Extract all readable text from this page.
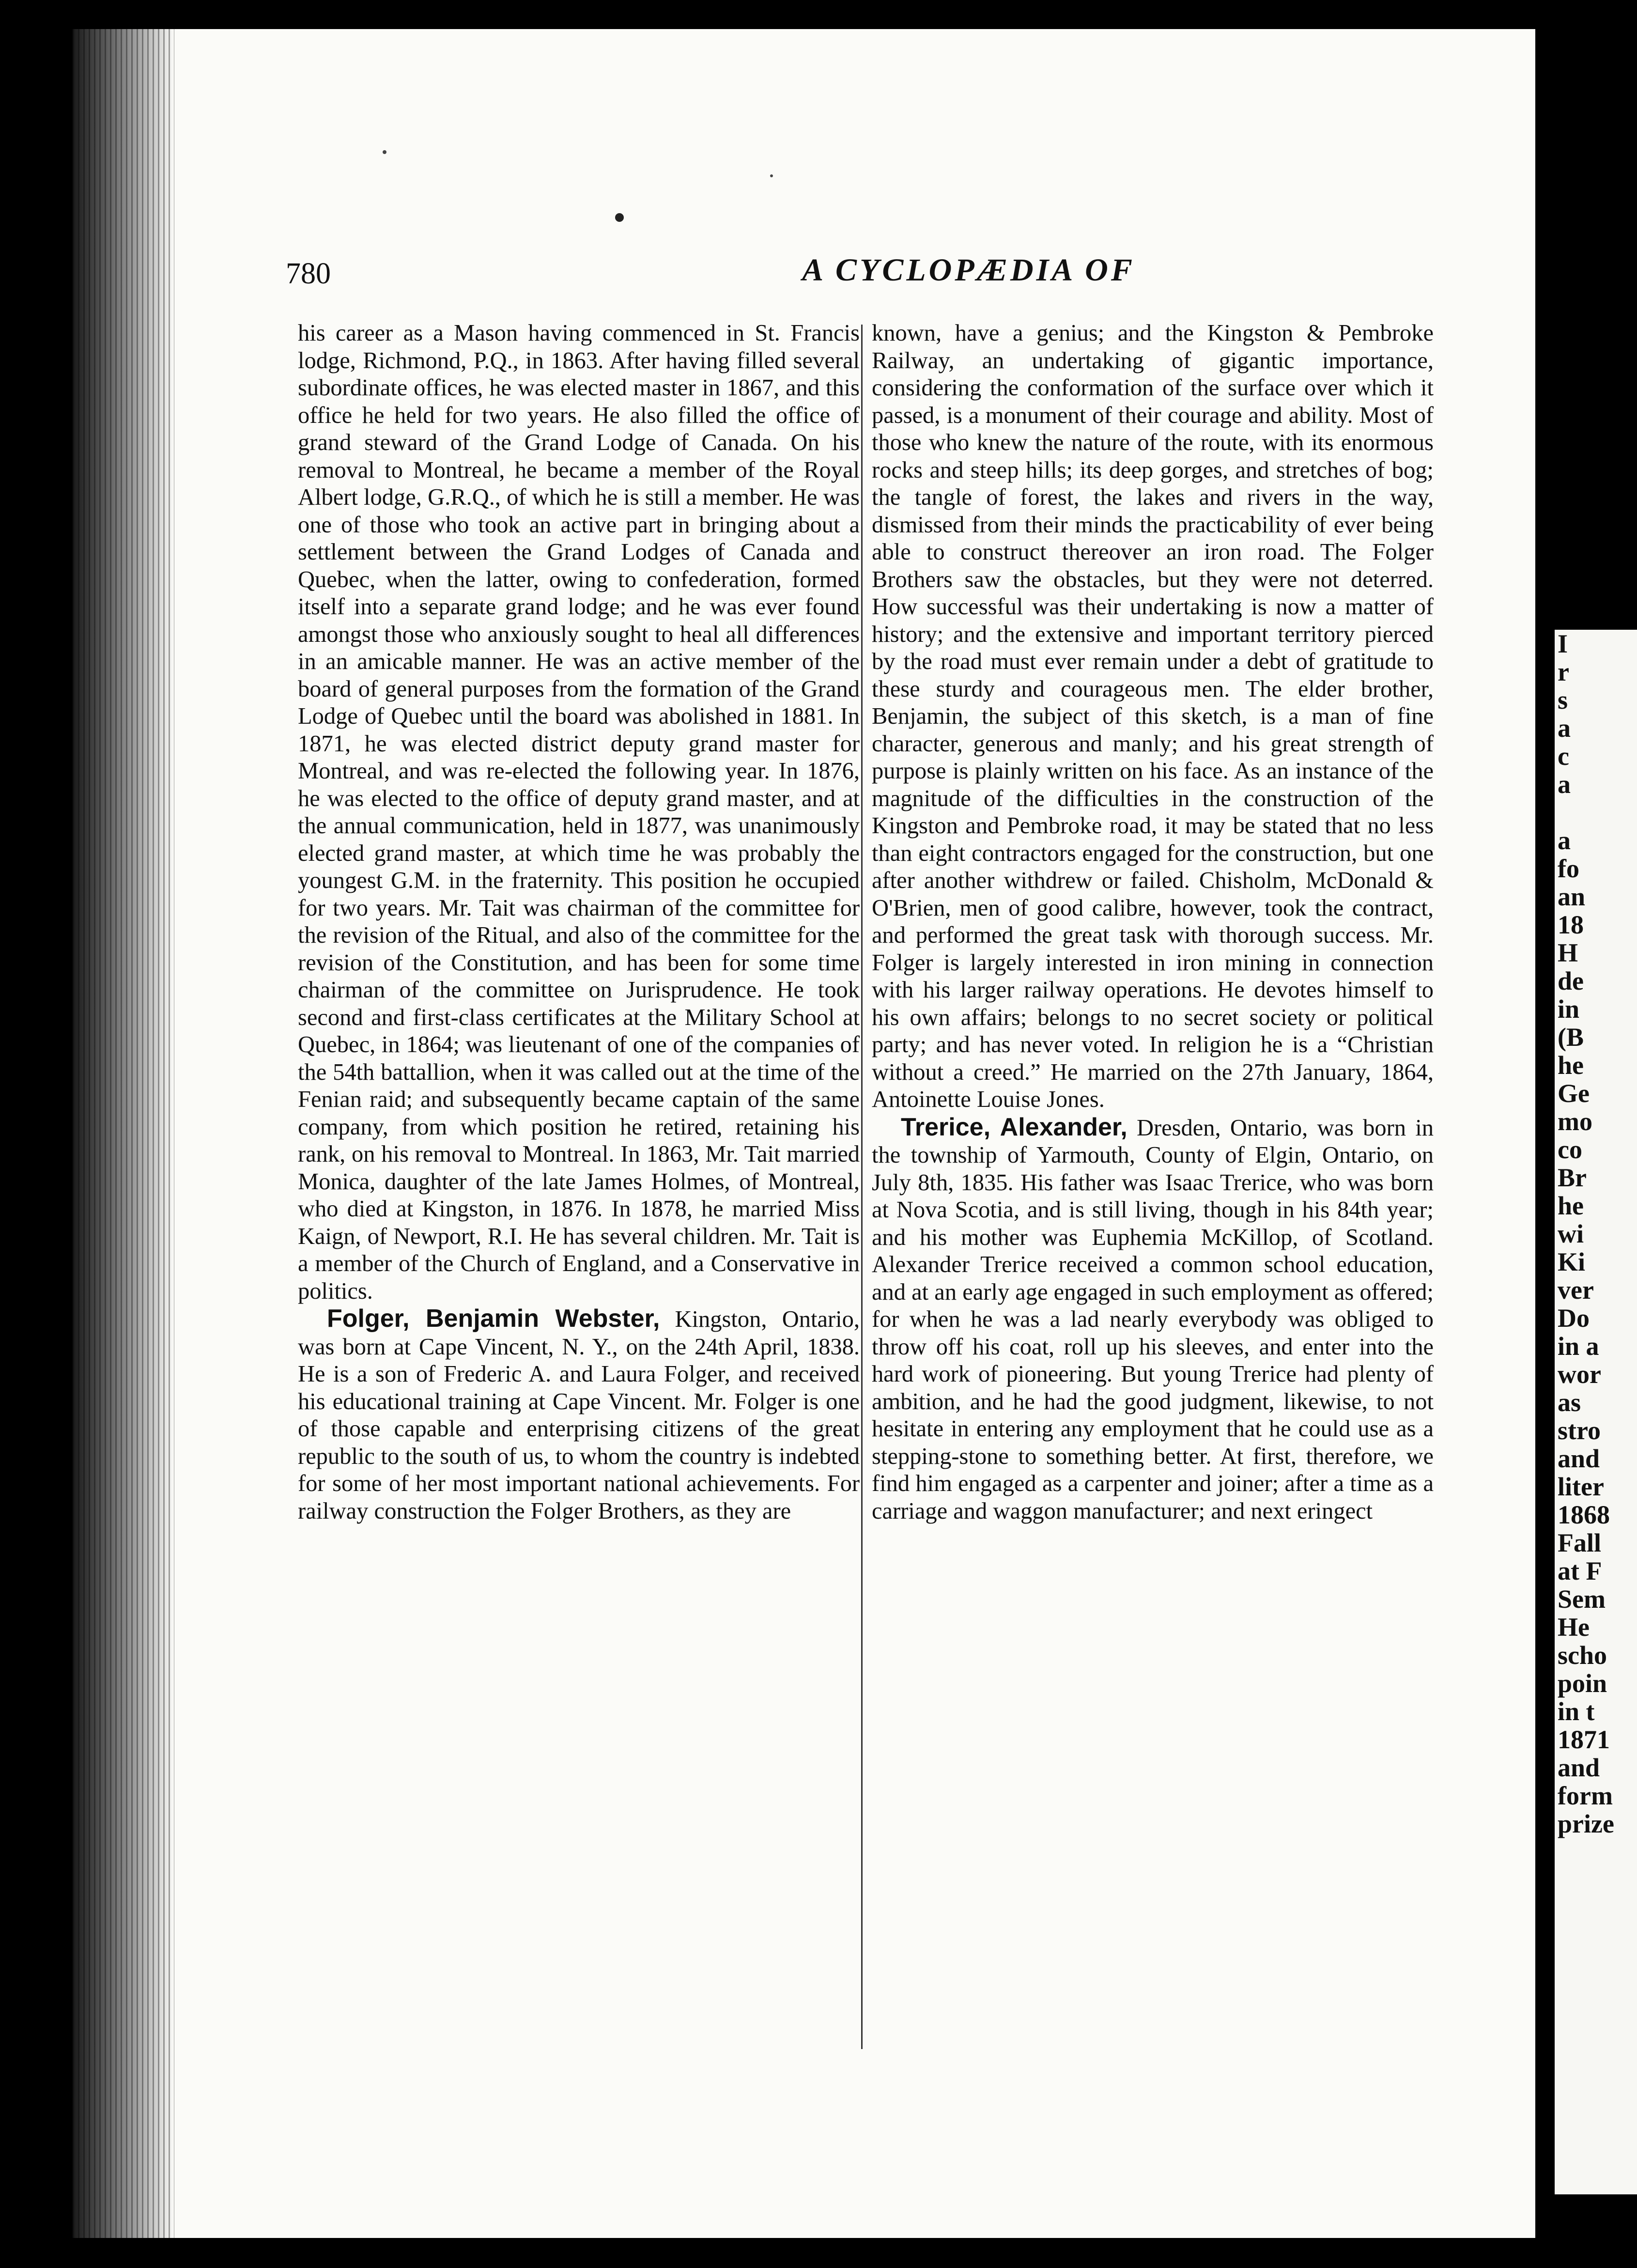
780	A CYCLOPÆDIA OF

his career as a Mason having commenced in St. Francis lodge, Richmond, P.Q., in 1863. After having filled several subordinate offices, he was elected master in 1867, and this office he held for two years. He also filled the office of grand steward of the Grand Lodge of Canada. On his removal to Montreal, he became a member of the Royal Albert lodge, G.R.Q., of which he is still a member. He was one of those who took an active part in bringing about a settlement between the Grand Lodges of Canada and Quebec, when the latter, owing to confederation, formed itself into a separate grand lodge; and he was ever found amongst those who anxiously sought to heal all differences in an amicable manner. He was an active member of the board of general purposes from the formation of the Grand Lodge of Quebec until the board was abolished in 1881. In 1871, he was elected district deputy grand master for Montreal, and was re-elected the following year. In 1876, he was elected to the office of deputy grand master, and at the annual communication, held in 1877, was unanimously elected grand master, at which time he was probably the youngest G.M. in the fraternity. This position he occupied for two years. Mr. Tait was chairman of the committee for the revision of the Ritual, and also of the committee for the revision of the Constitution, and has been for some time chairman of the committee on Jurisprudence. He took second and first-class certificates at the Military School at Quebec, in 1864; was lieutenant of one of the companies of the 54th battallion, when it was called out at the time of the Fenian raid; and subsequently became captain of the same company, from which position he retired, retaining his rank, on his removal to Montreal. In 1863, Mr. Tait married Monica, daughter of the late James Holmes, of Montreal, who died at Kingston, in 1876. In 1878, he married Miss Kaign, of Newport, R.I. He has several children. Mr. Tait is a member of the Church of England, and a Conservative in politics.

Folger, Benjamin Webster, Kingston, Ontario, was born at Cape Vincent, N. Y., on the 24th April, 1838. He is a son of Frederic A. and Laura Folger, and received his educational training at Cape Vincent. Mr. Folger is one of those capable and enterprising citizens of the great republic to the south of us, to whom the country is indebted for some of her most important national achievements. For railway construction the Folger Brothers, as they are

known, have a genius; and the Kingston & Pembroke Railway, an undertaking of gigantic importance, considering the conformation of the surface over which it passed, is a monument of their courage and ability. Most of those who knew the nature of the route, with its enormous rocks and steep hills; its deep gorges, and stretches of bog; the tangle of forest, the lakes and rivers in the way, dismissed from their minds the practicability of ever being able to construct thereover an iron road. The Folger Brothers saw the obstacles, but they were not deterred. How successful was their undertaking is now a matter of history; and the extensive and important territory pierced by the road must ever remain under a debt of gratitude to these sturdy and courageous men. The elder brother, Benjamin, the subject of this sketch, is a man of fine character, generous and manly; and his great strength of purpose is plainly written on his face. As an instance of the magnitude of the difficulties in the construction of the Kingston and Pembroke road, it may be stated that no less than eight contractors engaged for the construction, but one after another withdrew or failed. Chisholm, McDonald & O'Brien, men of good calibre, however, took the contract, and performed the great task with thorough success. Mr. Folger is largely interested in iron mining in connection with his larger railway operations. He devotes himself to his own affairs; belongs to no secret society or political party; and has never voted. In religion he is a “Christian without a creed.” He married on the 27th January, 1864, Antoinette Louise Jones.

Trerice, Alexander, Dresden, Ontario, was born in the township of Yarmouth, County of Elgin, Ontario, on July 8th, 1835. His father was Isaac Trerice, who was born at Nova Scotia, and is still living, though in his 84th year; and his mother was Euphemia McKillop, of Scotland. Alexander Trerice received a common school education, and at an early age engaged in such employment as offered; for when he was a lad nearly everybody was obliged to throw off his coat, roll up his sleeves, and enter into the hard work of pioneering. But young Trerice had plenty of ambition, and he had the good judgment, likewise, to not hesitate in entering any employment that he could use as a stepping-stone to something better. At first, therefore, we find him engaged as a carpenter and joiner; after a time as a carriage and waggon manufacturer; and next eringect

I
r
s
a
c
a
a
fo
an
18
H
de
in
(B
he
Ge
mo
co
Br
he
wi
Ki
ver
Do
in a
wor
as
stro
and
liter
1868
Fall
at F
Sem
He
scho
poin
in t
1871
and
form
prize
